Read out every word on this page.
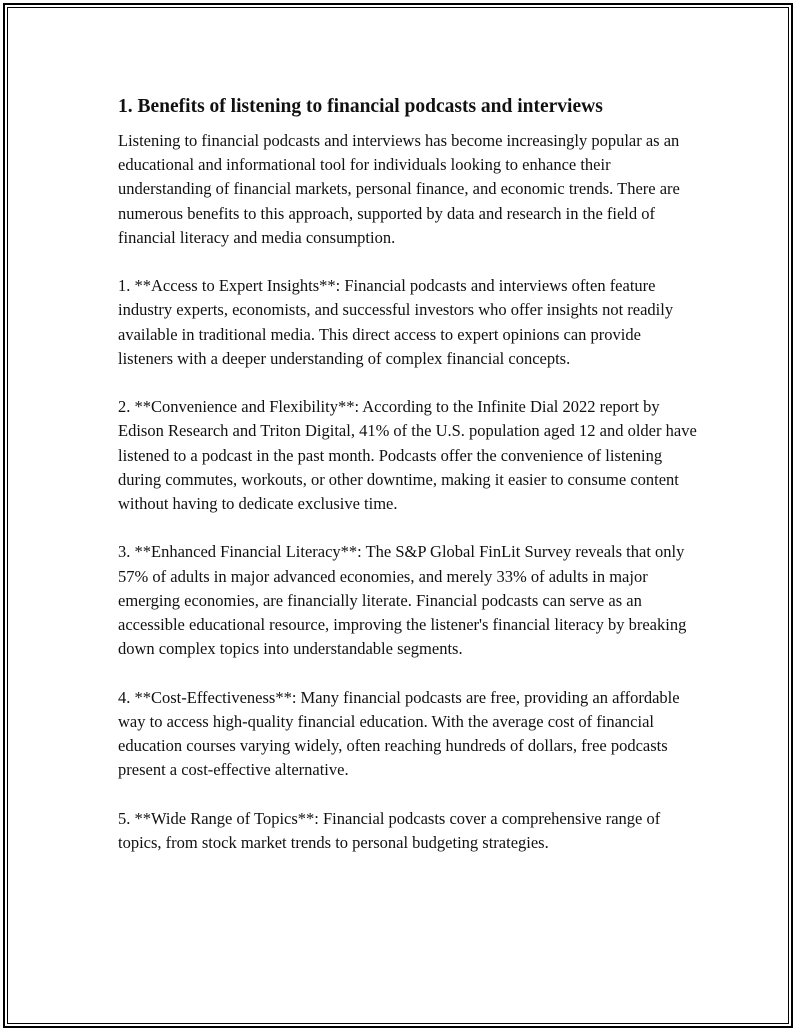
1. Benefits of listening to financial podcasts and interviews

Listening to financial podcasts and interviews has become increasingly popular as an educational and informational tool for individuals looking to enhance their understanding of financial markets, personal finance, and economic trends. There are numerous benefits to this approach, supported by data and research in the field of financial literacy and media consumption.

1. **Access to Expert Insights**: Financial podcasts and interviews often feature industry experts, economists, and successful investors who offer insights not readily available in traditional media. This direct access to expert opinions can provide listeners with a deeper understanding of complex financial concepts.

2. **Convenience and Flexibility**: According to the Infinite Dial 2022 report by Edison Research and Triton Digital, 41% of the U.S. population aged 12 and older have listened to a podcast in the past month. Podcasts offer the convenience of listening during commutes, workouts, or other downtime, making it easier to consume content without having to dedicate exclusive time.

3. **Enhanced Financial Literacy**: The S&P Global FinLit Survey reveals that only 57% of adults in major advanced economies, and merely 33% of adults in major emerging economies, are financially literate. Financial podcasts can serve as an accessible educational resource, improving the listener's financial literacy by breaking down complex topics into understandable segments.

4. **Cost-Effectiveness**: Many financial podcasts are free, providing an affordable way to access high-quality financial education. With the average cost of financial education courses varying widely, often reaching hundreds of dollars, free podcasts present a cost-effective alternative.

5. **Wide Range of Topics**: Financial podcasts cover a comprehensive range of topics, from stock market trends to personal budgeting strategies.
